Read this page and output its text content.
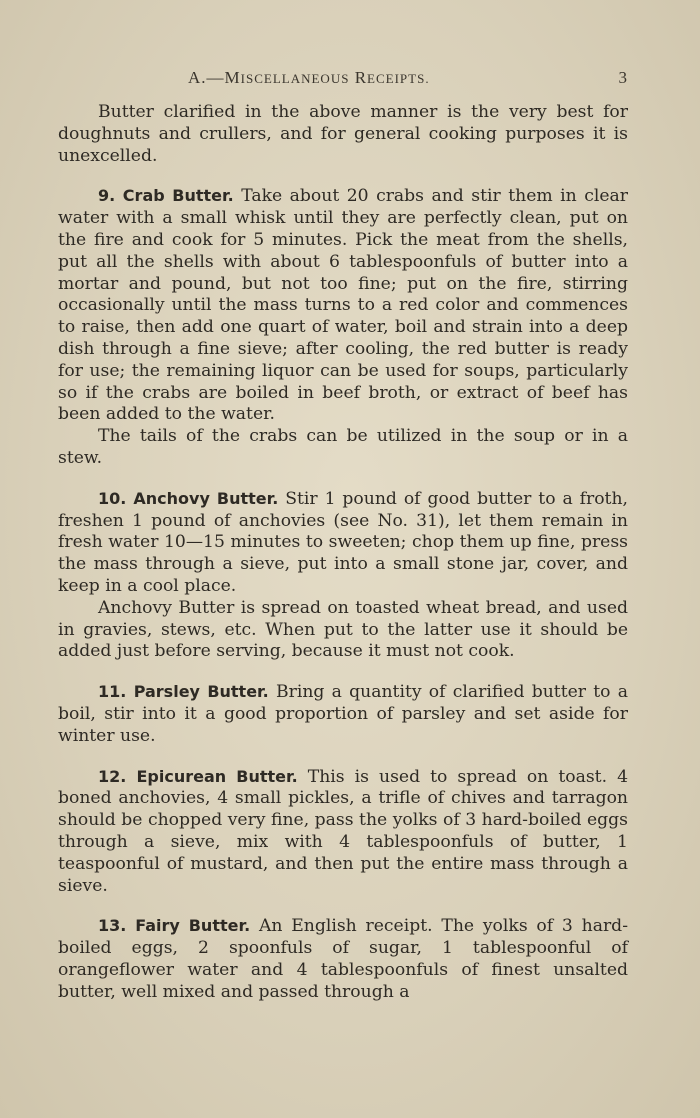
A.—MISCELLANEOUS RECEIPTS.	3

Butter clarified in the above manner is the very best for doughnuts and crullers, and for general cooking purposes it is unexcelled.

9. Crab Butter. Take about 20 crabs and stir them in clear water with a small whisk until they are perfectly clean, put on the fire and cook for 5 minutes. Pick the meat from the shells, put all the shells with about 6 tablespoonfuls of butter into a mortar and pound, but not too fine; put on the fire, stirring occasionally until the mass turns to a red color and commences to raise, then add one quart of water, boil and strain into a deep dish through a fine sieve; after cooling, the red butter is ready for use; the remaining liquor can be used for soups, particularly so if the crabs are boiled in beef broth, or extract of beef has been added to the water.

The tails of the crabs can be utilized in the soup or in a stew.

10. Anchovy Butter. Stir 1 pound of good butter to a froth, freshen 1 pound of anchovies (see No. 31), let them remain in fresh water 10—15 minutes to sweeten; chop them up fine, press the mass through a sieve, put into a small stone jar, cover, and keep in a cool place.

Anchovy Butter is spread on toasted wheat bread, and used in gravies, stews, etc. When put to the latter use it should be added just before serving, because it must not cook.

11. Parsley Butter. Bring a quantity of clarified butter to a boil, stir into it a good proportion of parsley and set aside for winter use.

12. Epicurean Butter. This is used to spread on toast. 4 boned anchovies, 4 small pickles, a trifle of chives and tarragon should be chopped very fine, pass the yolks of 3 hard-boiled eggs through a sieve, mix with 4 tablespoonfuls of butter, 1 teaspoonful of mustard, and then put the entire mass through a sieve.

13. Fairy Butter. An English receipt. The yolks of 3 hard-boiled eggs, 2 spoonfuls of sugar, 1 tablespoonful of orangeflower water and 4 tablespoonfuls of finest unsalted butter, well mixed and passed through a
